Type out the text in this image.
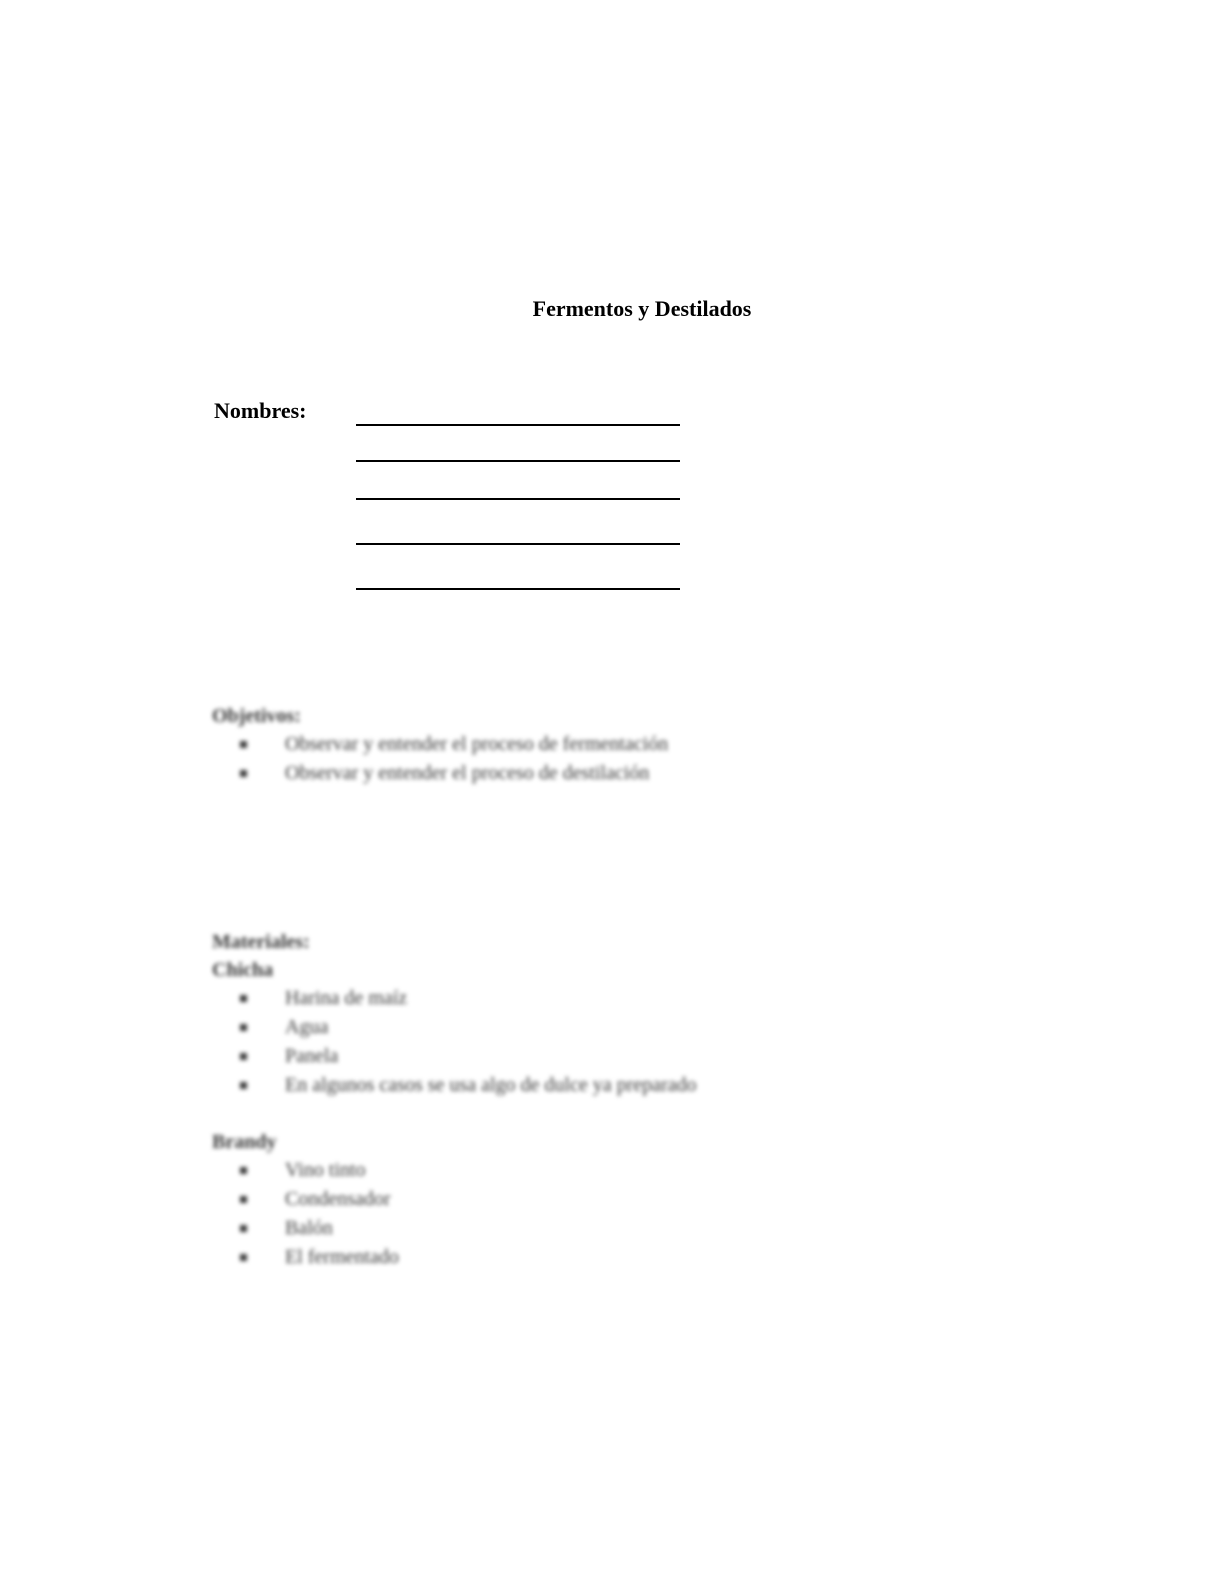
Fermentos y Destilados
Nombres:
Objetivos:
Observar y entender el proceso de fermentación
Observar y entender el proceso de destilación
Materiales:
Chicha
Harina de maíz
Agua
Panela
En algunos casos se usa algo de dulce ya preparado
Brandy
Vino tinto
Condensador
Balón
El fermentado
